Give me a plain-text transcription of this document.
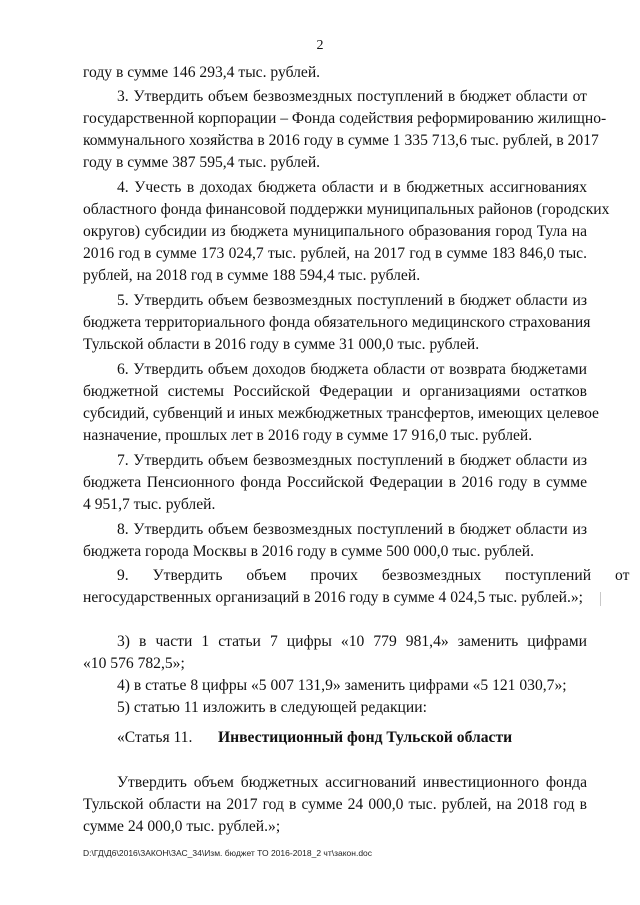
2
году в сумме 146 293,4 тыс. рублей.
3. Утвердить объем безвозмездных поступлений в бюджет области от
государственной корпорации – Фонда содействия реформированию жилищно-
коммунального хозяйства в 2016 году в сумме 1 335 713,6 тыс. рублей, в 2017
году в сумме 387 595,4 тыс. рублей.
4. Учесть в доходах бюджета области и в бюджетных ассигнованиях
областного фонда финансовой поддержки муниципальных районов (городских
округов) субсидии из бюджета муниципального образования город Тула на
2016 год в сумме 173 024,7 тыс. рублей, на 2017 год в сумме 183 846,0 тыс.
рублей, на 2018 год в сумме 188 594,4 тыс. рублей.
5. Утвердить объем безвозмездных поступлений в бюджет области из
бюджета территориального фонда обязательного медицинского страхования
Тульской области в 2016 году в сумме 31 000,0 тыс. рублей.
6. Утвердить объем доходов бюджета области от возврата бюджетами
бюджетной системы Российской Федерации и организациями остатков
субсидий, субвенций и иных межбюджетных трансфертов, имеющих целевое
назначение, прошлых лет в 2016 году в сумме 17 916,0 тыс. рублей.
7. Утвердить объем безвозмездных поступлений в бюджет области из
бюджета Пенсионного фонда Российской Федерации в 2016 году в сумме
4 951,7 тыс. рублей.
8. Утвердить объем безвозмездных поступлений в бюджет области из
бюджета города Москвы в 2016 году в сумме 500 000,0 тыс. рублей.
9. Утвердить объем прочих безвозмездных поступлений от
негосударственных организаций в 2016 году в сумме 4 024,5 тыс. рублей.»;
3) в части 1 статьи 7 цифры «10 779 981,4» заменить цифрами
«10 576 782,5»;
4) в статье 8 цифры «5 007 131,9» заменить цифрами «5 121 030,7»;
5) статью 11 изложить в следующей редакции:
«Статья 11. Инвестиционный фонд Тульской области
Утвердить объем бюджетных ассигнований инвестиционного фонда
Тульской области на 2017 год в сумме 24 000,0 тыс. рублей, на 2018 год в
сумме 24 000,0 тыс. рублей.»;
D:\ГД\Д6\2016\ЗАКОН\ЗАС_34\Изм. бюджет ТО 2016-2018_2 чт\закон.doc
